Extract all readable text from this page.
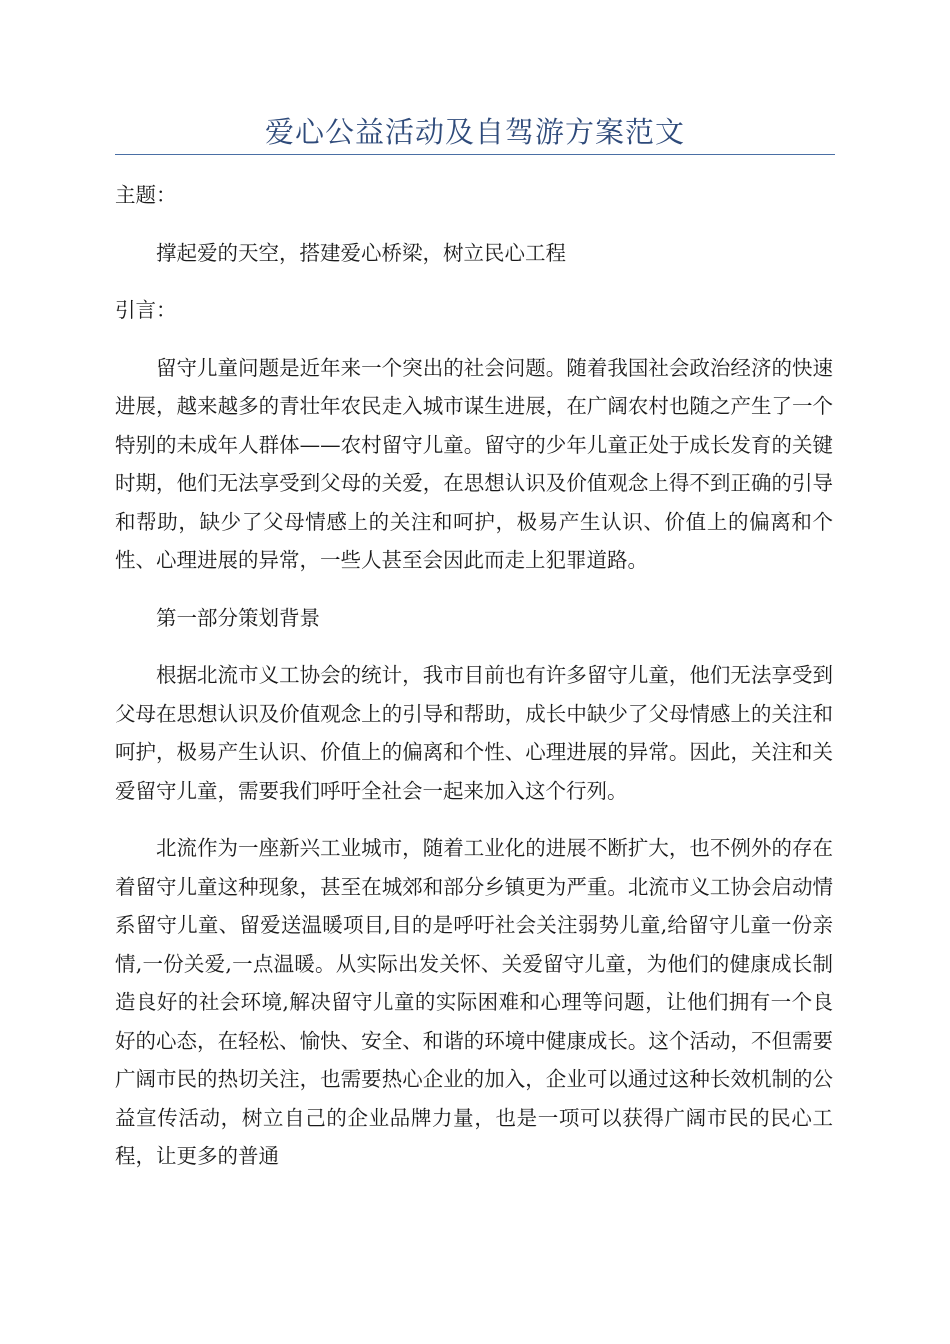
爱心公益活动及自驾游方案范文

主题：

撑起爱的天空，搭建爱心桥梁，树立民心工程

引言：

留守儿童问题是近年来一个突出的社会问题。随着我国社会政治经济的快速进展，越来越多的青壮年农民走入城市谋生进展，在广阔农村也随之产生了一个特别的未成年人群体——农村留守儿童。留守的少年儿童正处于成长发育的关键时期，他们无法享受到父母的关爱，在思想认识及价值观念上得不到正确的引导和帮助，缺少了父母情感上的关注和呵护，极易产生认识、价值上的偏离和个性、心理进展的异常，一些人甚至会因此而走上犯罪道路。

第一部分策划背景

根据北流市义工协会的统计，我市目前也有许多留守儿童，他们无法享受到父母在思想认识及价值观念上的引导和帮助，成长中缺少了父母情感上的关注和呵护，极易产生认识、价值上的偏离和个性、心理进展的异常。因此，关注和关爱留守儿童，需要我们呼吁全社会一起来加入这个行列。

北流作为一座新兴工业城市，随着工业化的进展不断扩大，也不例外的存在着留守儿童这种现象，甚至在城郊和部分乡镇更为严重。北流市义工协会启动情系留守儿童、留爱送温暖项目,目的是呼吁社会关注弱势儿童,给留守儿童一份亲情,一份关爱,一点温暖。从实际出发关怀、关爱留守儿童，为他们的健康成长制造良好的社会环境,解决留守儿童的实际困难和心理等问题，让他们拥有一个良好的心态，在轻松、愉快、安全、和谐的环境中健康成长。这个活动，不但需要广阔市民的热切关注，也需要热心企业的加入，企业可以通过这种长效机制的公益宣传活动，树立自己的企业品牌力量，也是一项可以获得广阔市民的民心工程，让更多的普通
